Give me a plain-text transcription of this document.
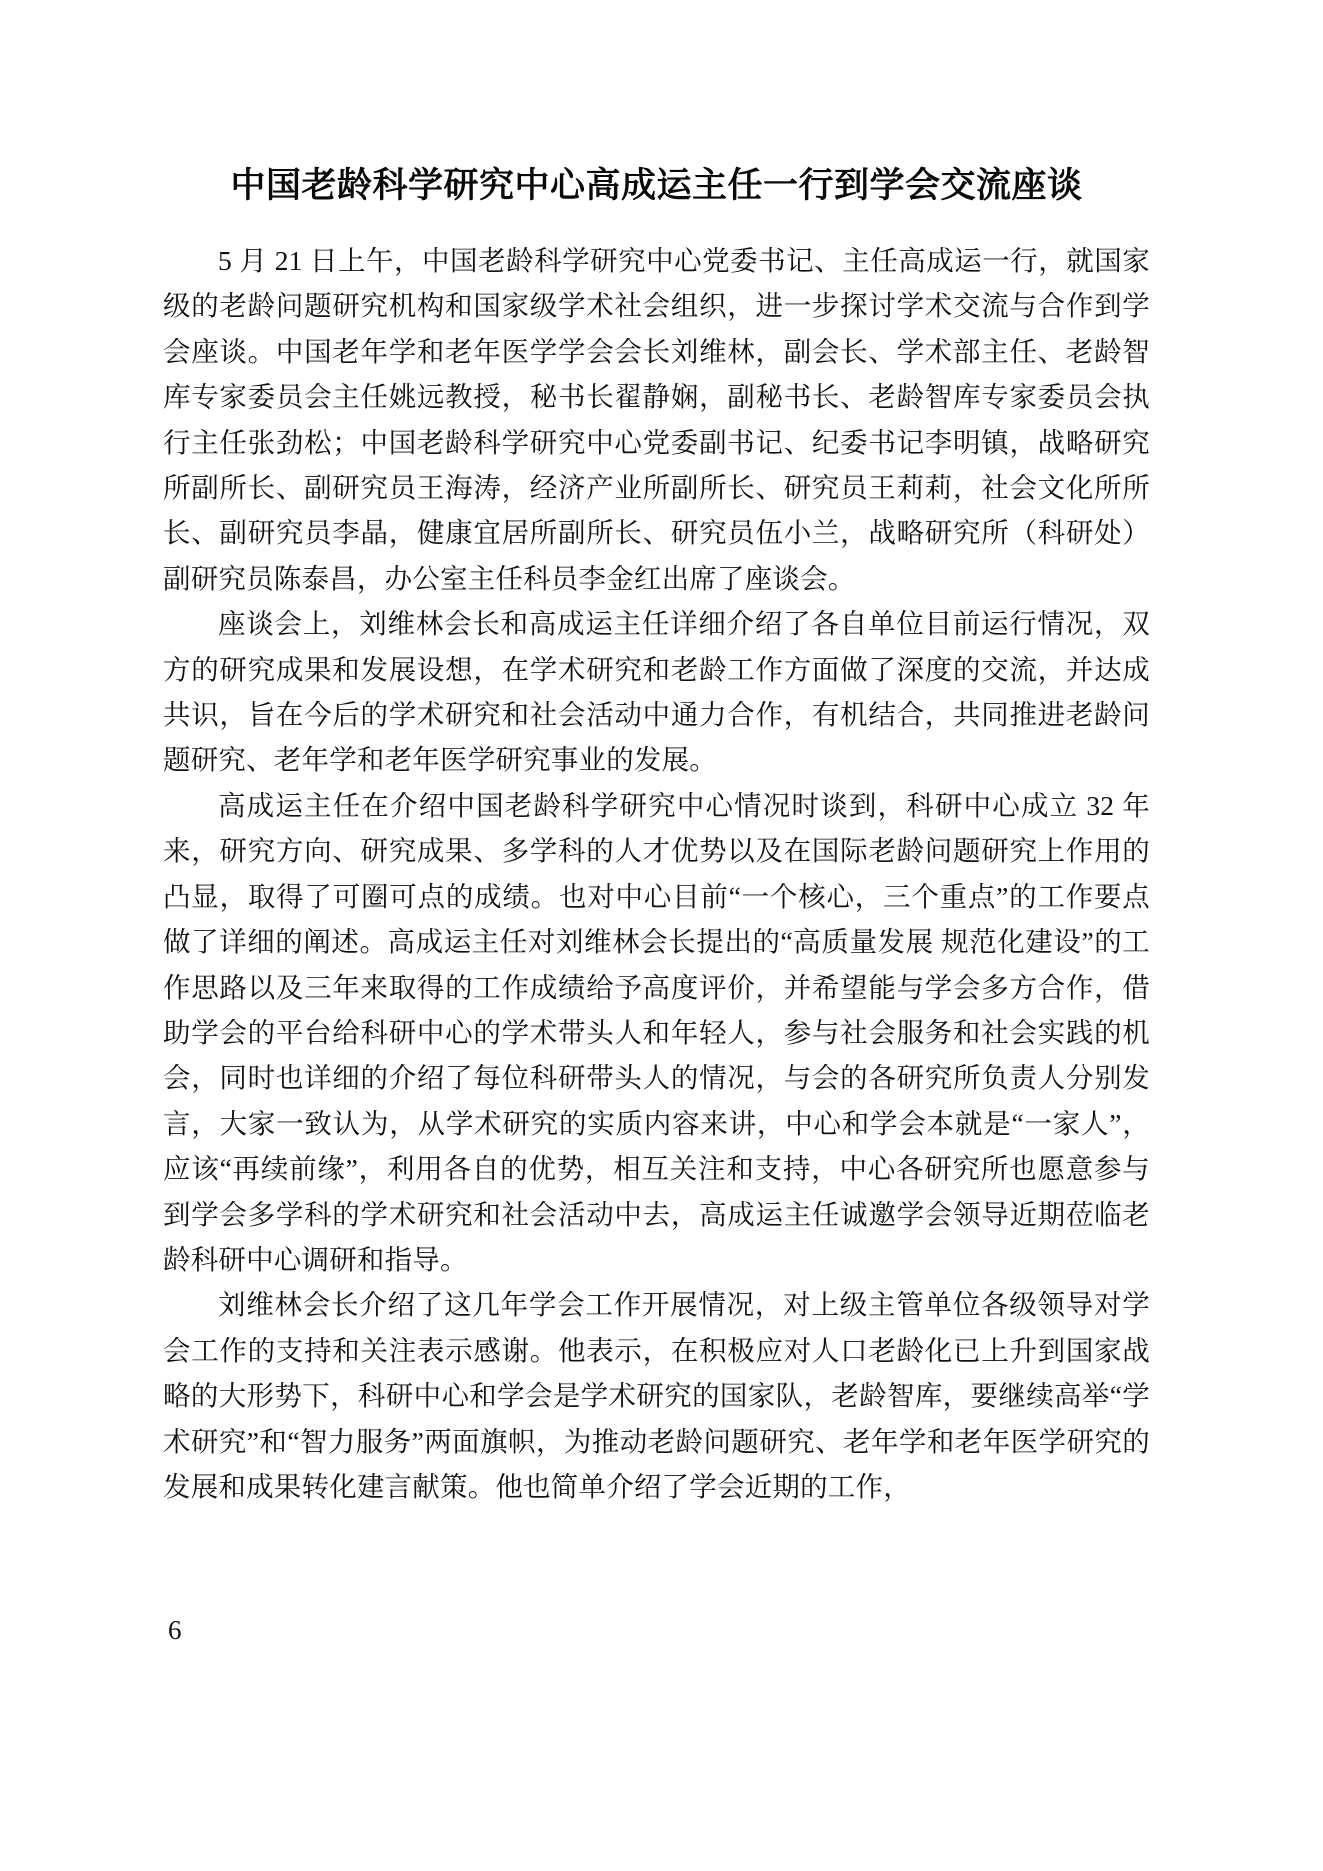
中国老龄科学研究中心高成运主任一行到学会交流座谈

5 月 21 日上午，中国老龄科学研究中心党委书记、主任高成运一行，就国家级的老龄问题研究机构和国家级学术社会组织，进一步探讨学术交流与合作到学会座谈。中国老年学和老年医学学会会长刘维林，副会长、学术部主任、老龄智库专家委员会主任姚远教授，秘书长翟静娴，副秘书长、老龄智库专家委员会执行主任张劲松；中国老龄科学研究中心党委副书记、纪委书记李明镇，战略研究所副所长、副研究员王海涛，经济产业所副所长、研究员王莉莉，社会文化所所长、副研究员李晶，健康宜居所副所长、研究员伍小兰，战略研究所（科研处）副研究员陈泰昌，办公室主任科员李金红出席了座谈会。

座谈会上，刘维林会长和高成运主任详细介绍了各自单位目前运行情况，双方的研究成果和发展设想，在学术研究和老龄工作方面做了深度的交流，并达成共识，旨在今后的学术研究和社会活动中通力合作，有机结合，共同推进老龄问题研究、老年学和老年医学研究事业的发展。

高成运主任在介绍中国老龄科学研究中心情况时谈到，科研中心成立 32 年来，研究方向、研究成果、多学科的人才优势以及在国际老龄问题研究上作用的凸显，取得了可圈可点的成绩。也对中心目前“一个核心，三个重点”的工作要点做了详细的阐述。高成运主任对刘维林会长提出的“高质量发展 规范化建设”的工作思路以及三年来取得的工作成绩给予高度评价，并希望能与学会多方合作，借助学会的平台给科研中心的学术带头人和年轻人，参与社会服务和社会实践的机会，同时也详细的介绍了每位科研带头人的情况，与会的各研究所负责人分别发言，大家一致认为，从学术研究的实质内容来讲，中心和学会本就是“一家人”，应该“再续前缘”，利用各自的优势，相互关注和支持，中心各研究所也愿意参与到学会多学科的学术研究和社会活动中去，高成运主任诚邀学会领导近期莅临老龄科研中心调研和指导。

刘维林会长介绍了这几年学会工作开展情况，对上级主管单位各级领导对学会工作的支持和关注表示感谢。他表示，在积极应对人口老龄化已上升到国家战略的大形势下，科研中心和学会是学术研究的国家队，老龄智库，要继续高举“学术研究”和“智力服务”两面旗帜，为推动老龄问题研究、老年学和老年医学研究的发展和成果转化建言献策。他也简单介绍了学会近期的工作，

6
